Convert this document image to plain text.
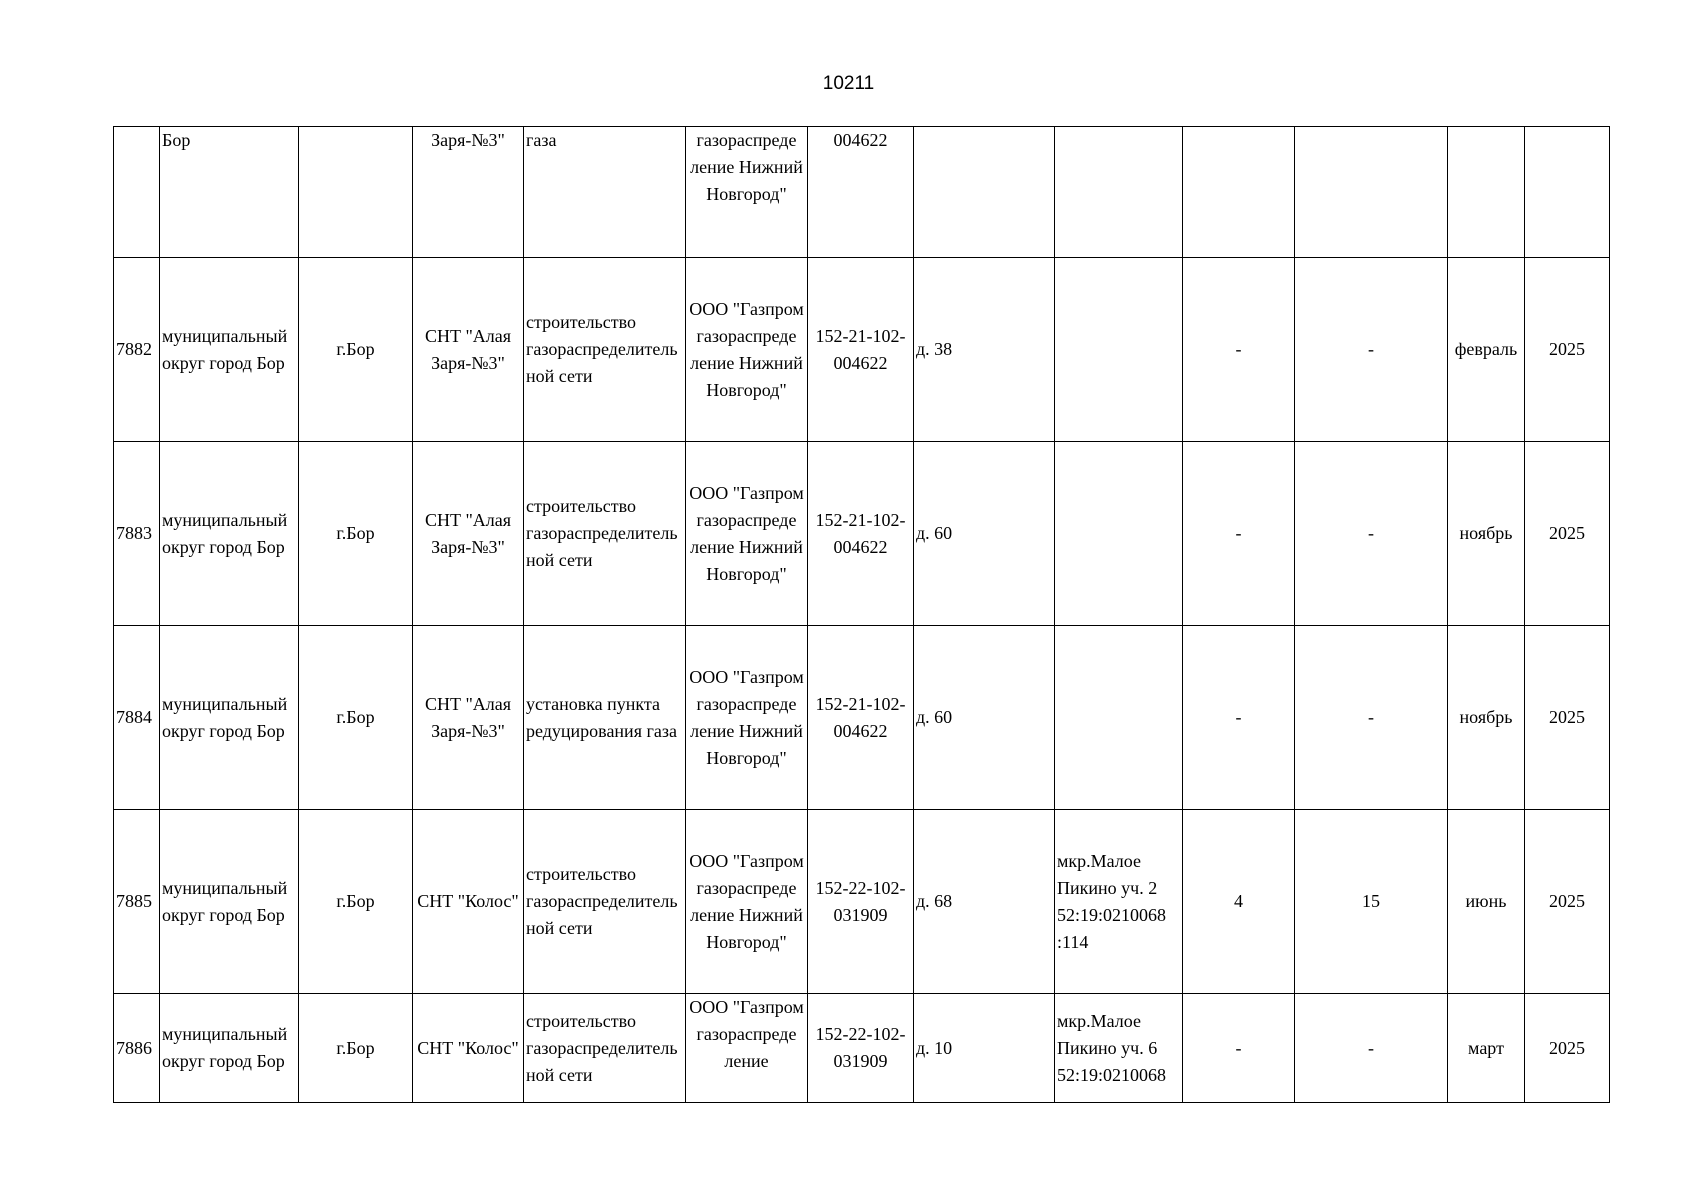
10211
	Бор		Заря-№3"	газа	газораспреде ление Нижний Новгород"	004622						
7882	муниципальный округ город Бор	г.Бор	СНТ "Алая Заря-№3"	строительство газораспределительной сети	ООО "Газпром газораспреде ление Нижний Новгород"	152-21-102-004622	д. 38		-	-	февраль	2025
7883	муниципальный округ город Бор	г.Бор	СНТ "Алая Заря-№3"	строительство газораспределительной сети	ООО "Газпром газораспреде ление Нижний Новгород"	152-21-102-004622	д. 60		-	-	ноябрь	2025
7884	муниципальный округ город Бор	г.Бор	СНТ "Алая Заря-№3"	установка пункта редуцирования газа	ООО "Газпром газораспреде ление Нижний Новгород"	152-21-102-004622	д. 60		-	-	ноябрь	2025
7885	муниципальный округ город Бор	г.Бор	СНТ "Колос"	строительство газораспределительной сети	ООО "Газпром газораспреде ление Нижний Новгород"	152-22-102-031909	д. 68	мкр.Малое Пикино уч. 2 52:19:0210068 :114	4	15	июнь	2025
7886	муниципальный округ город Бор	г.Бор	СНТ "Колос"	строительство газораспределительной сети	ООО "Газпром газораспреде ление	152-22-102-031909	д. 10	мкр.Малое Пикино уч. 6 52:19:0210068	-	-	март	2025
